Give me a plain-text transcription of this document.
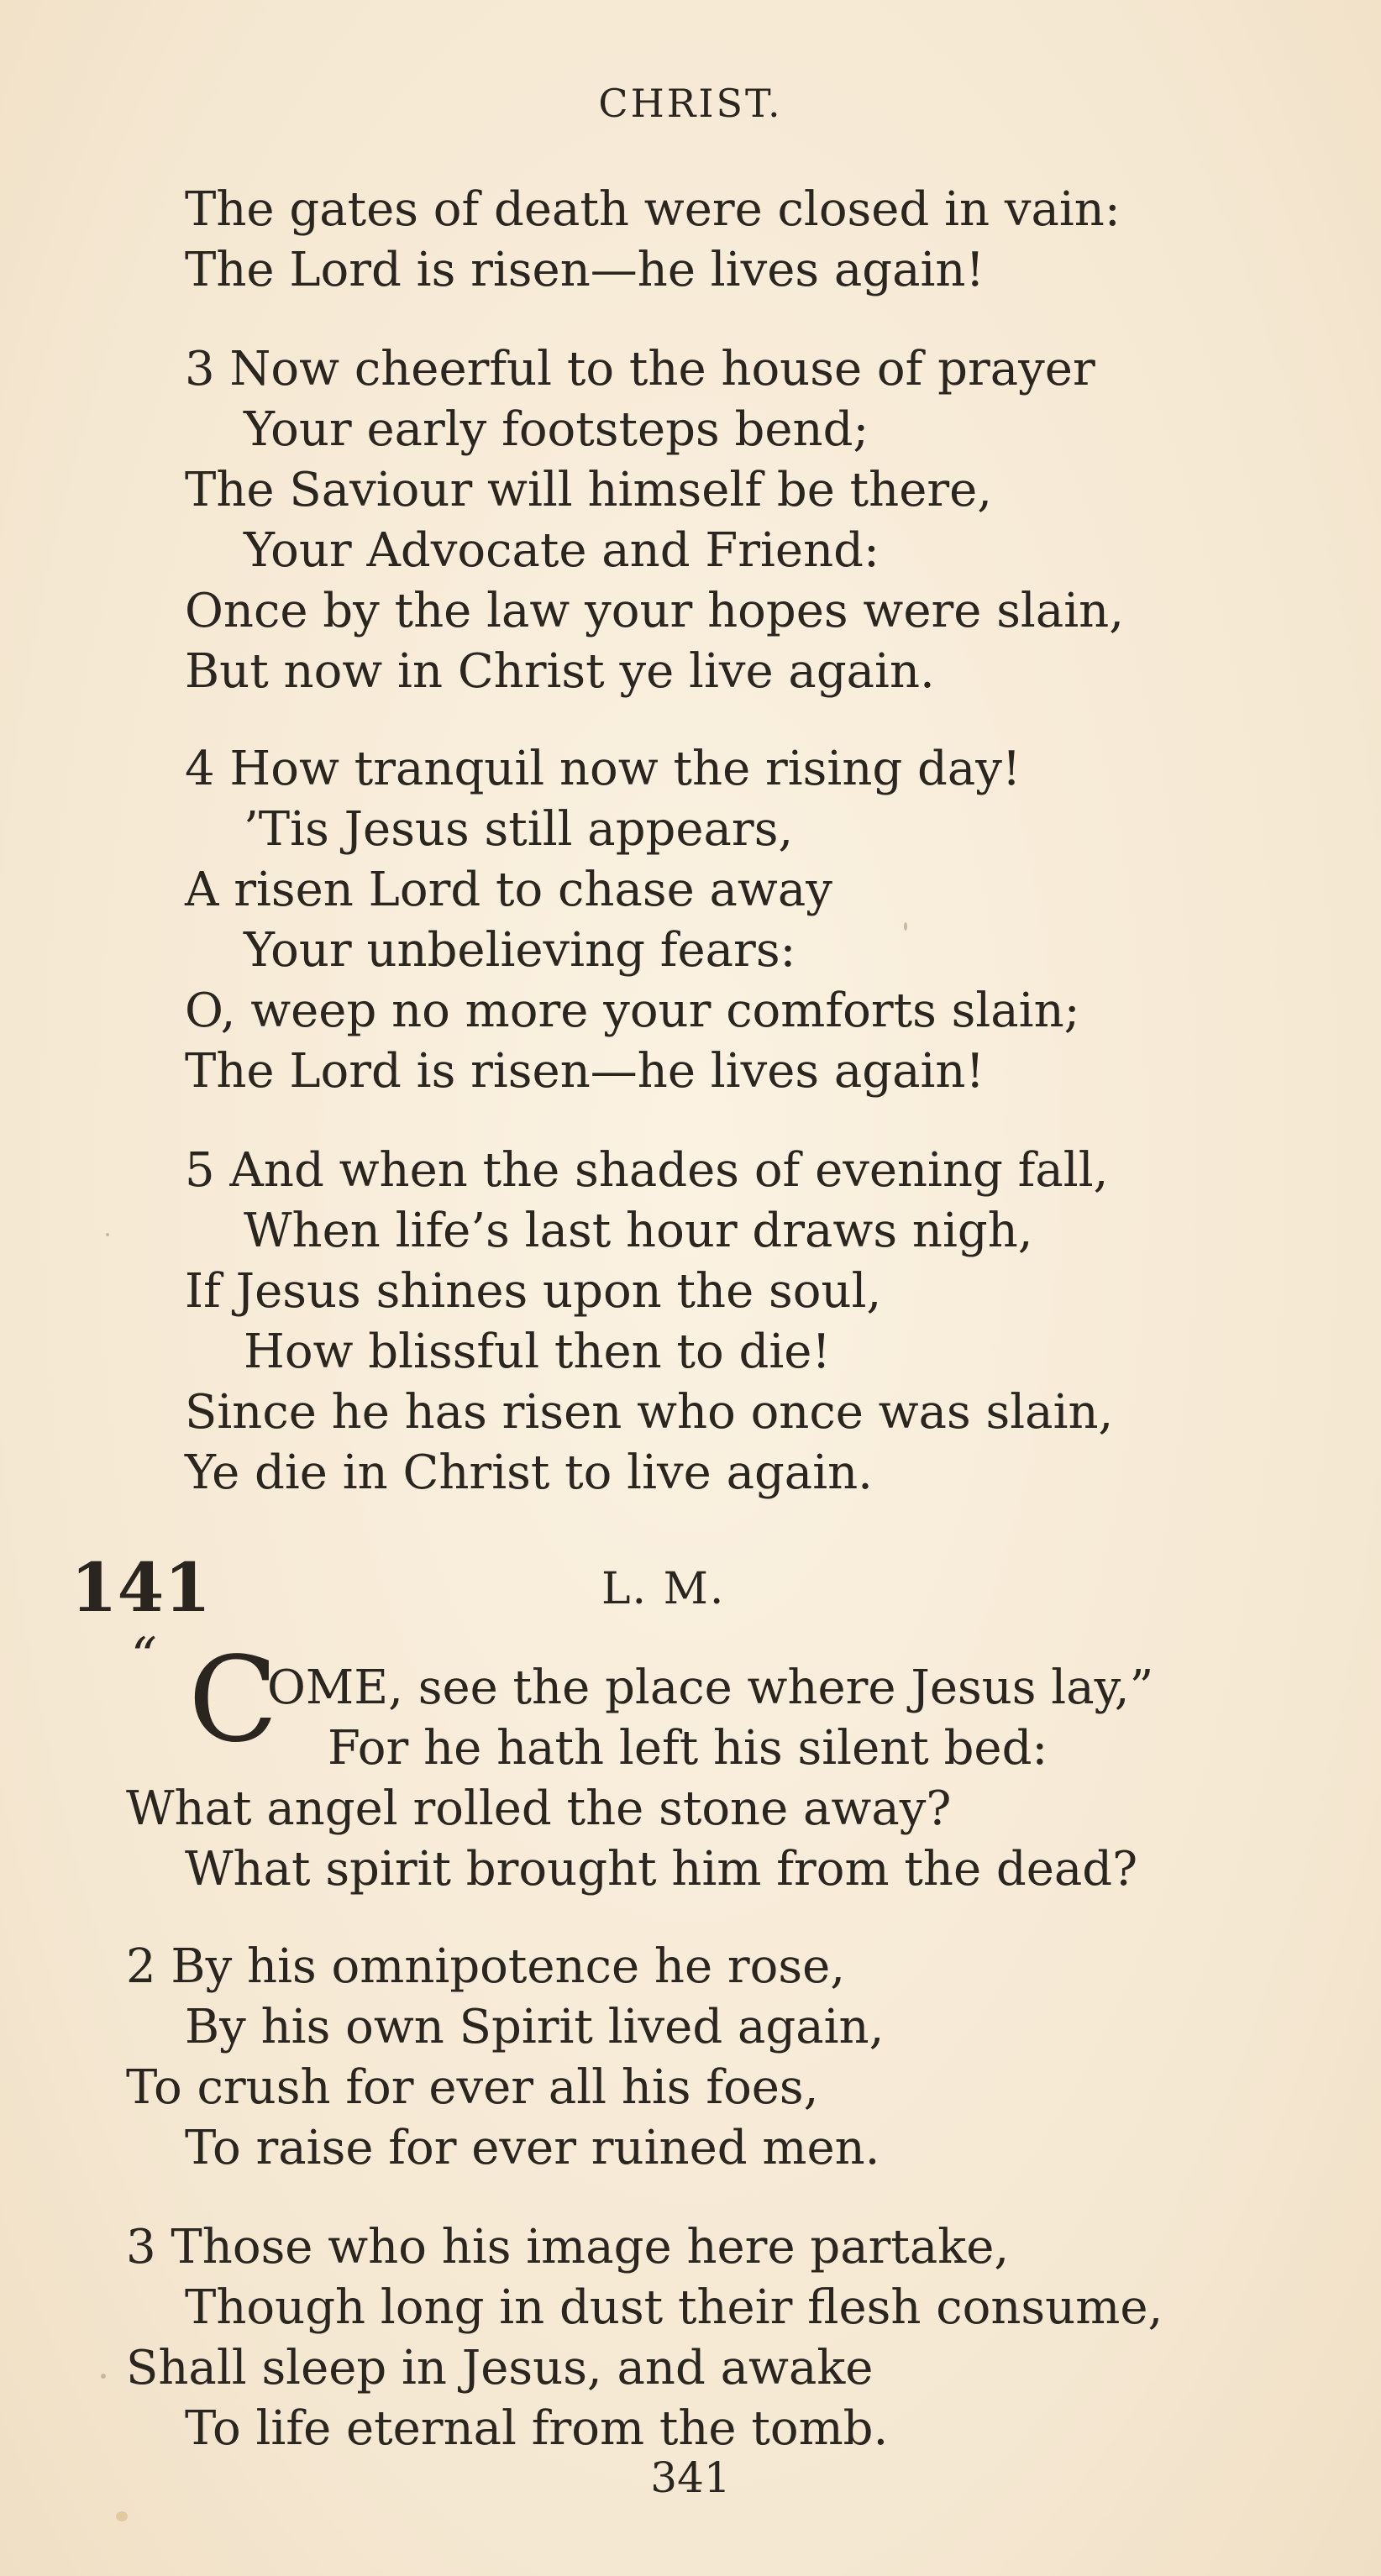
CHRIST.
The gates of death were closed in vain:
The Lord is risen—he lives again!
3 Now cheerful to the house of prayer
Your early footsteps bend;
The Saviour will himself be there,
Your Advocate and Friend:
Once by the law your hopes were slain,
But now in Christ ye live again.
4 How tranquil now the rising day!
’Tis Jesus still appears,
A risen Lord to chase away
Your unbelieving fears:
O, weep no more your comforts slain;
The Lord is risen—he lives again!
5 And when the shades of evening fall,
When life’s last hour draws nigh,
If Jesus shines upon the soul,
How blissful then to die!
Since he has risen who once was slain,
Ye die in Christ to live again.
141	L. M.
“ C
OME, see the place where Jesus lay,”
For he hath left his silent bed:
What angel rolled the stone away?
What spirit brought him from the dead?
2 By his omnipotence he rose,
By his own Spirit lived again,
To crush for ever all his foes,
To raise for ever ruined men.
3 Those who his image here partake,
Though long in dust their flesh consume,
Shall sleep in Jesus, and awake
To life eternal from the tomb.
341
